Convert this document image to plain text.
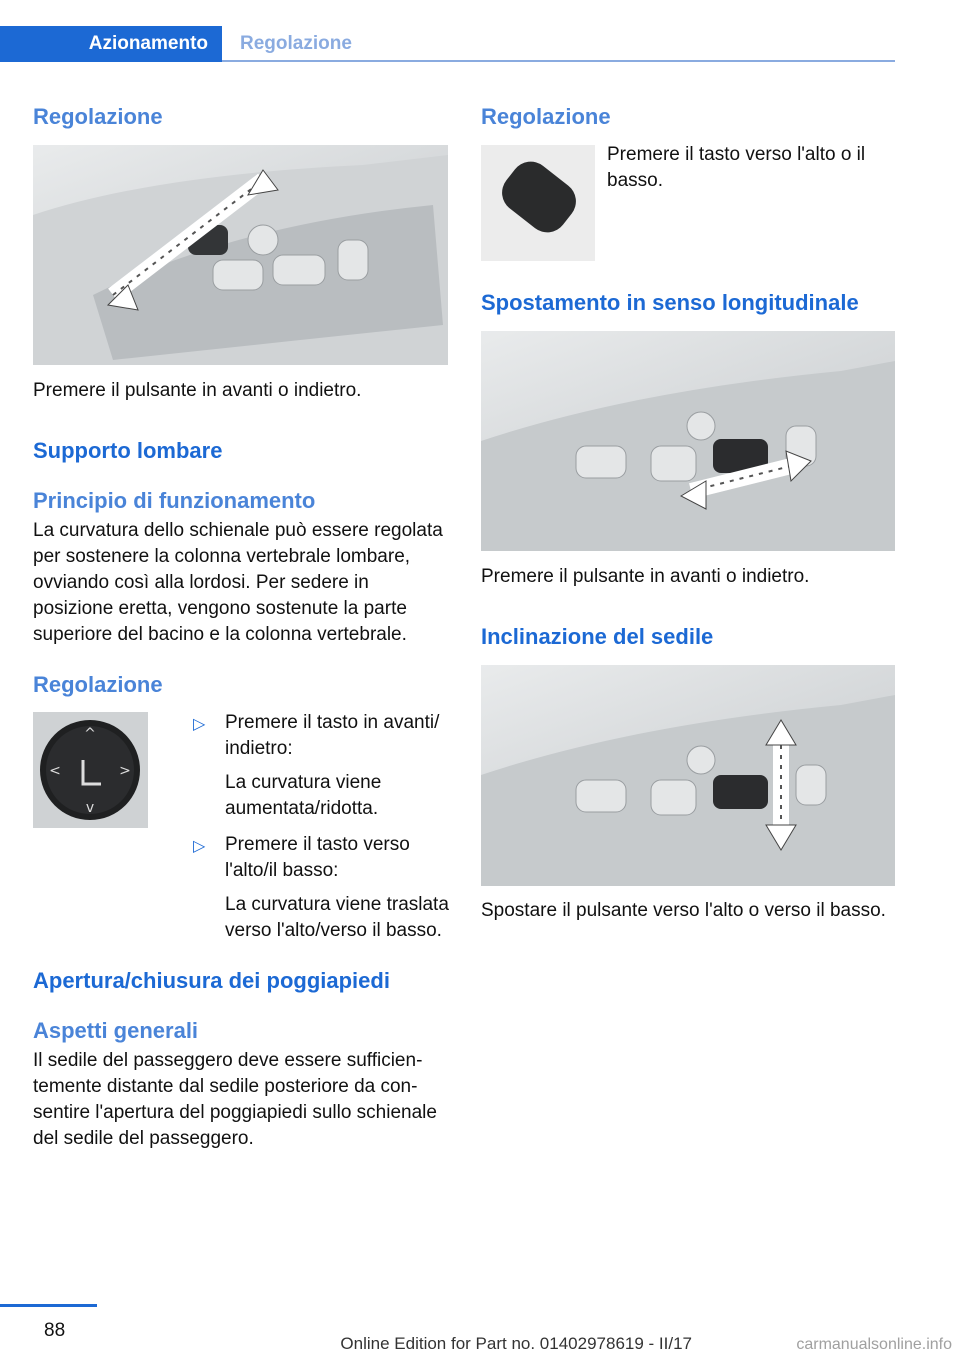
Azionamento	Regolazione
Regolazione

Premere il pulsante in avanti o indietro.

Supporto lombare
Principio di funzionamento

La curvatura dello schienale può essere regolata per sostenere la colonna vertebrale lombare, ovviando così alla lordosi. Per sedere in posizione eretta, vengono sostenute la parte superiore del bacino e la colonna vertebrale.

Regolazione
^
v
<	>
▷ Premere il tasto in avanti/ indietro:
La curvatura viene aumentata/ridotta.
▷ Premere il tasto verso l'alto/il basso:
La curvatura viene traslata verso l'alto/verso il basso.
Apertura/chiusura dei poggiapiedi
Aspetti generali

Il sedile del passeggero deve essere sufficientemente distante dal sedile posteriore da consentire l'apertura del poggiapiedi sullo schienale del sedile del passeggero.

Regolazione

Premere il tasto verso l'alto o il basso.

Spostamento in senso longitudinale

Premere il pulsante in avanti o indietro.

Inclinazione del sedile

Spostare il pulsante verso l'alto o verso il basso.

88
Online Edition for Part no. 01402978619 - II/17	carmanualsonline.info
